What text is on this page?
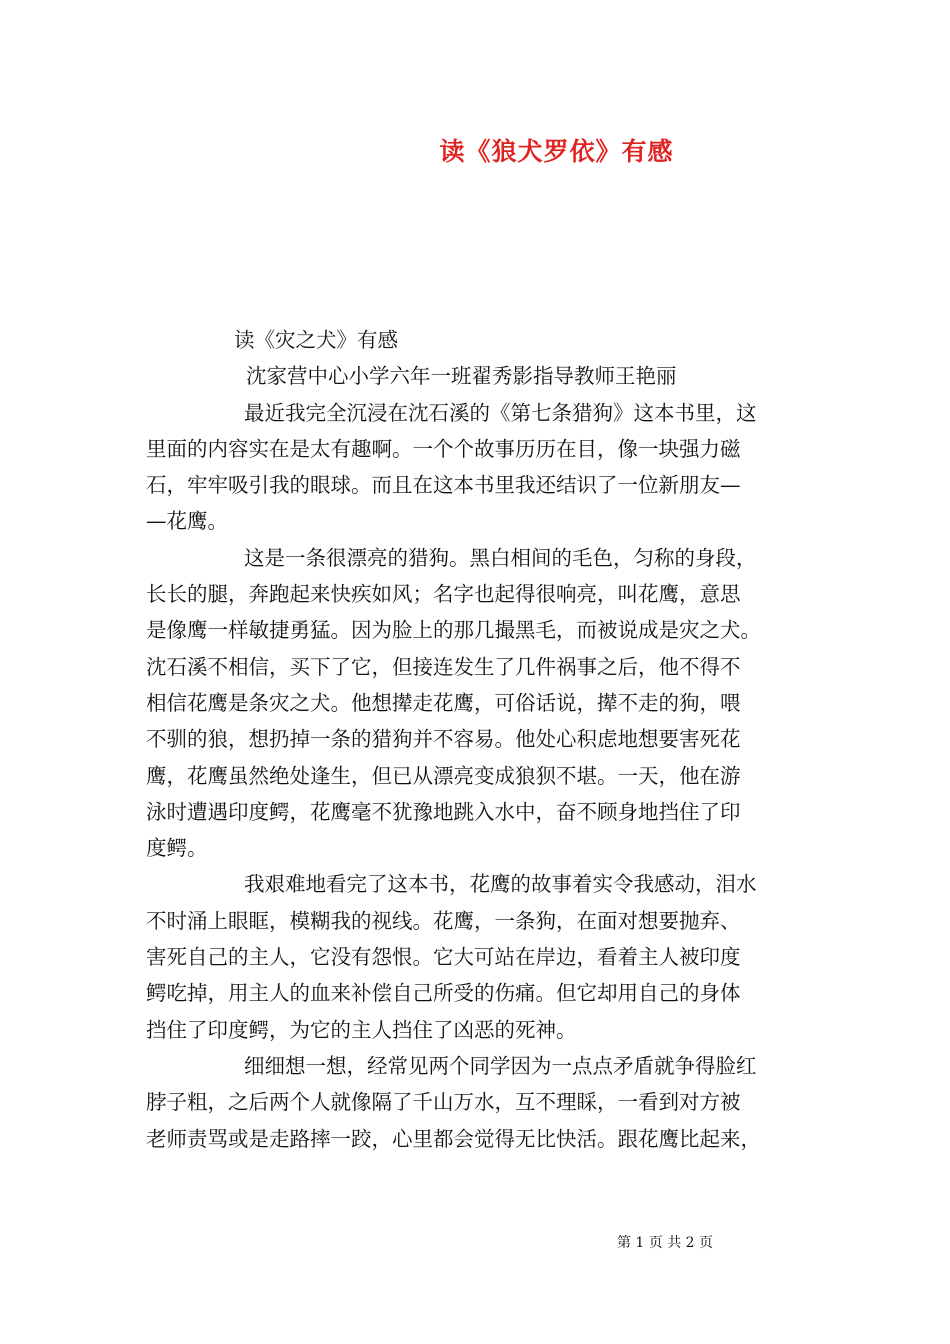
读《狼犬罗依》有感
读《灾之犬》有感
沈家营中心小学六年一班翟秀影指导教师王艳丽
最近我完全沉浸在沈石溪的《第七条猎狗》这本书里，这
里面的内容实在是太有趣啊。一个个故事历历在目，像一块强力磁
石，牢牢吸引我的眼球。而且在这本书里我还结识了一位新朋友—
—花鹰。
这是一条很漂亮的猎狗。黑白相间的毛色，匀称的身段，
长长的腿，奔跑起来快疾如风；名字也起得很响亮，叫花鹰，意思
是像鹰一样敏捷勇猛。因为脸上的那几撮黑毛，而被说成是灾之犬。
沈石溪不相信，买下了它，但接连发生了几件祸事之后，他不得不
相信花鹰是条灾之犬。他想撵走花鹰，可俗话说，撵不走的狗，喂
不驯的狼，想扔掉一条的猎狗并不容易。他处心积虑地想要害死花
鹰，花鹰虽然绝处逢生，但已从漂亮变成狼狈不堪。一天，他在游
泳时遭遇印度鳄，花鹰毫不犹豫地跳入水中，奋不顾身地挡住了印
度鳄。
我艰难地看完了这本书，花鹰的故事着实令我感动，泪水
不时涌上眼眶，模糊我的视线。花鹰，一条狗，在面对想要抛弃、
害死自己的主人，它没有怨恨。它大可站在岸边，看着主人被印度
鳄吃掉，用主人的血来补偿自己所受的伤痛。但它却用自己的身体
挡住了印度鳄，为它的主人挡住了凶恶的死神。
细细想一想，经常见两个同学因为一点点矛盾就争得脸红
脖子粗，之后两个人就像隔了千山万水，互不理睬，一看到对方被
老师责骂或是走路摔一跤，心里都会觉得无比快活。跟花鹰比起来，
第 1 页 共 2 页
